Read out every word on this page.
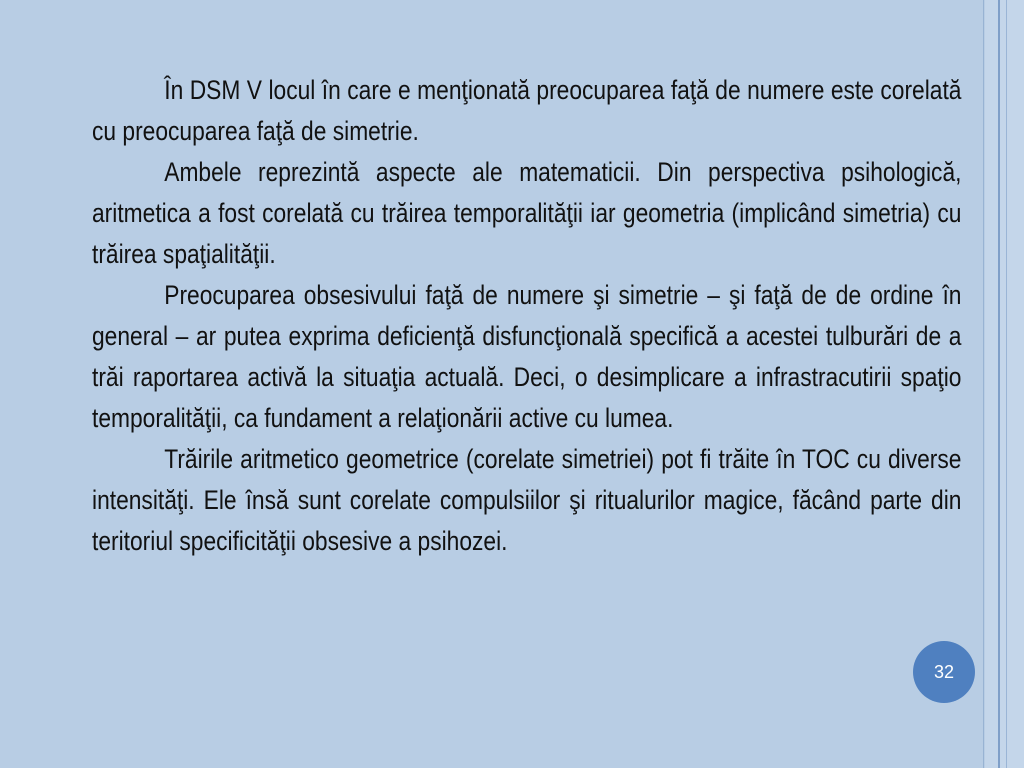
În DSM V locul în care e menţionată preocuparea faţă de numere este corelată cu preocuparea faţă de simetrie.

Ambele reprezintă aspecte ale matematicii. Din perspectiva psihologică, aritmetica a fost corelată cu trăirea temporalităţii iar geometria (implicând simetria) cu trăirea spaţialităţii.

Preocuparea obsesivului faţă de numere şi simetrie – şi faţă de de ordine în general – ar putea exprima deficienţă disfuncţională specifică a acestei tulburări de a trăi raportarea activă la situaţia actuală. Deci, o desimplicare a infrastracutirii spaţio temporalităţii, ca fundament a relaţionării active cu lumea.

Trăirile aritmetico geometrice (corelate simetriei) pot fi trăite în TOC cu diverse intensităţi. Ele însă sunt corelate compulsiilor şi ritualurilor magice, făcând parte din teritoriul specificităţii obsesive a psihozei.

32
